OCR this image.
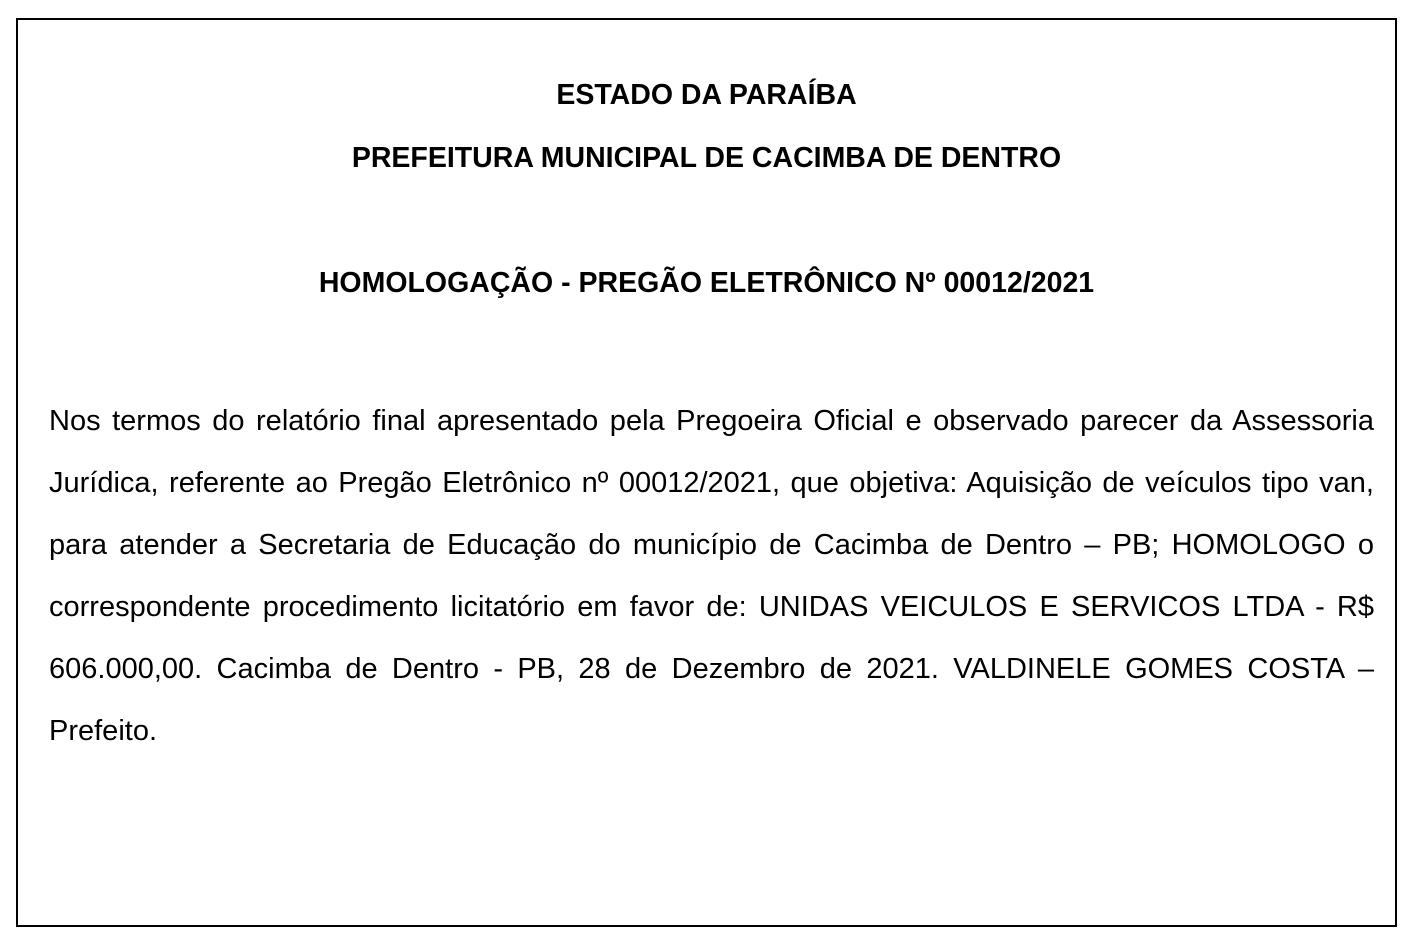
ESTADO DA PARAÍBA
PREFEITURA MUNICIPAL DE CACIMBA DE DENTRO
HOMOLOGAÇÃO - PREGÃO ELETRÔNICO Nº 00012/2021

Nos termos do relatório final apresentado pela Pregoeira Oficial e observado parecer da Assessoria Jurídica, referente ao Pregão Eletrônico nº 00012/2021, que objetiva: Aquisição de veículos tipo van, para atender a Secretaria de Educação do município de Cacimba de Dentro – PB; HOMOLOGO o correspondente procedimento licitatório em favor de: UNIDAS VEICULOS E SERVICOS LTDA - R$ 606.000,00. Cacimba de Dentro - PB, 28 de Dezembro de 2021. VALDINELE GOMES COSTA – Prefeito.
